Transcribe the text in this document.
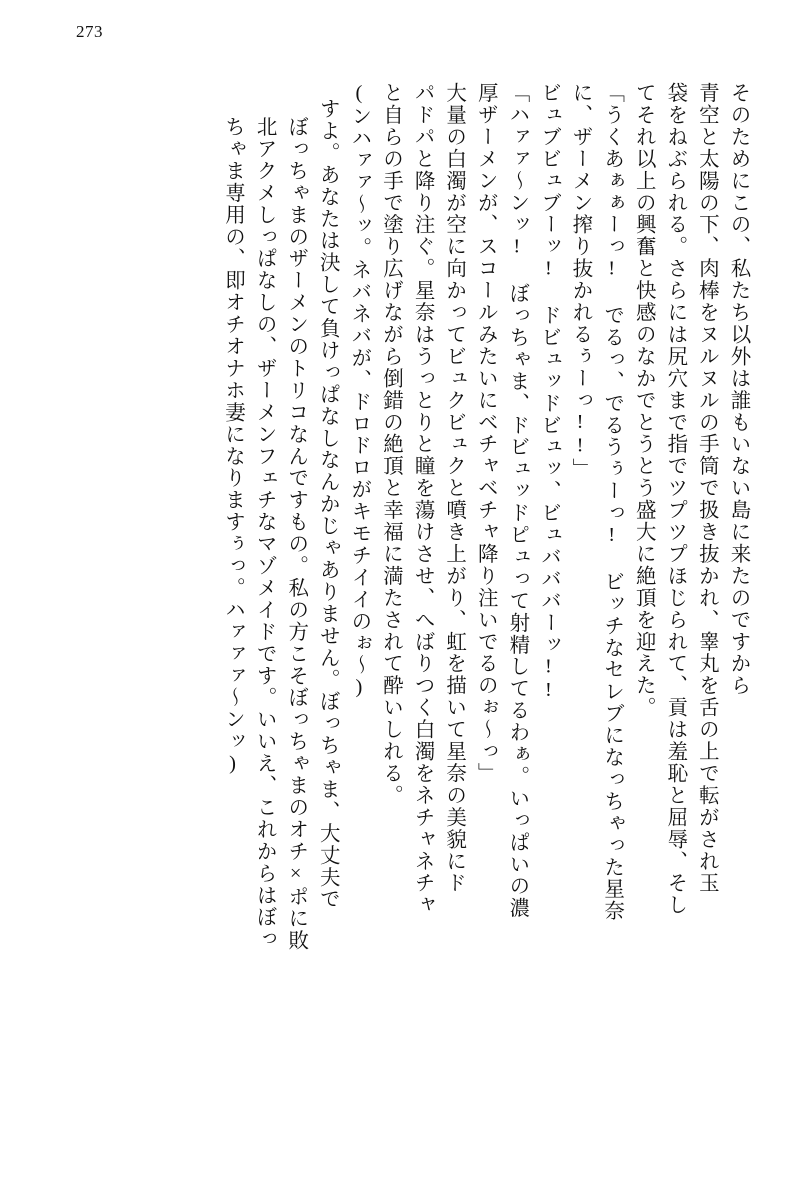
273
そのためにこの、私たち以外は誰もいない島に来たのですから
青空と太陽の下、肉棒をヌルヌルの手筒で扱き抜かれ、睾丸を舌の上で転がされ玉
袋をねぶられる。さらには尻穴まで指でツプツプほじられて、貢は羞恥と屈辱、そし
てそれ以上の興奮と快感のなかでとうとう盛大に絶頂を迎えた。
「うくあぁぁーっ! でるっ、でるうぅーっ! ビッチなセレブになっちゃった星奈
に、ザーメン搾り抜かれるぅーっ!!」
ビュブビュブーッ! ドビュッドビュッ、ビュバババーッ!!
「ハァァ〜ンッ! ぼっちゃま、ドビュッドピュって射精してるわぁ。いっぱいの濃
厚ザーメンが、スコールみたいにベチャベチャ降り注いでるのぉ〜っ」
大量の白濁が空に向かってビュクビュクと噴き上がり、虹を描いて星奈の美貌にド
パドパと降り注ぐ。星奈はうっとりと瞳を蕩けさせ、へばりつく白濁をネチャネチャ
と自らの手で塗り広げながら倒錯の絶頂と幸福に満たされて酔いしれる。
(ンハァァ〜ッ。ネバネバが、ドロドロがキモチイイのぉ〜)
すよ。あなたは決して負けっぱなしなんかじゃありません。ぼっちゃま、大丈夫で
ぼっちゃまのザーメンのトリコなんですもの。私の方こそぼっちゃまのオチ×ポに敗
北アクメしっぱなしの、ザーメンフェチなマゾメイドです。いいえ、これからはぼっ
ちゃま専用の、即オチオナホ妻になりますぅっ。ハァァァ〜ンッ)
